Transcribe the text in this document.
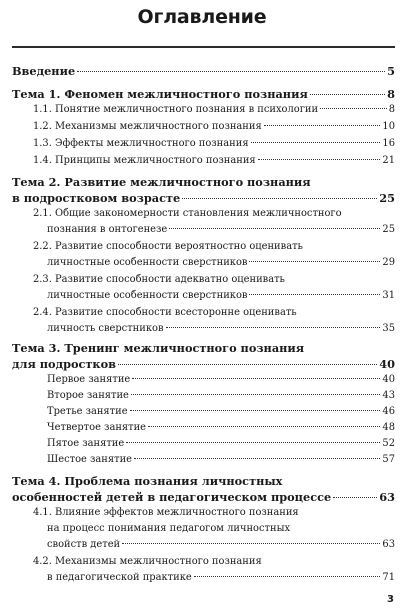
Оглавление
Введение	5
Тема 1. Феномен межличностного познания	8
1.1. Понятие межличностного познания в психологии	8
1.2. Механизмы межличностного познания	10
1.3. Эффекты межличностного познания	16
1.4. Принципы межличностного познания	21
Тема 2. Развитие межличностного познания
в подростковом возрасте	25
2.1. Общие закономерности становления межличностного
познания в онтогенезе	25
2.2. Развитие способности вероятностно оценивать
личностные особенности сверстников	29
2.3. Развитие способности адекватно оценивать
личностные особенности сверстников	31
2.4. Развитие способности всесторонне оценивать
личность сверстников	35
Тема 3. Тренинг межличностного познания
для подростков	40
Первое занятие	40
Второе занятие	43
Третье занятие	46
Четвертое занятие	48
Пятое занятие	52
Шестое занятие	57
Тема 4. Проблема познания личностных
особенностей детей в педагогическом процессе	63
4.1. Влияние эффектов межличностного познания
на процесс понимания педагогом личностных
свойств детей	63
4.2. Механизмы межличностного познания
в педагогической практике	71
3
